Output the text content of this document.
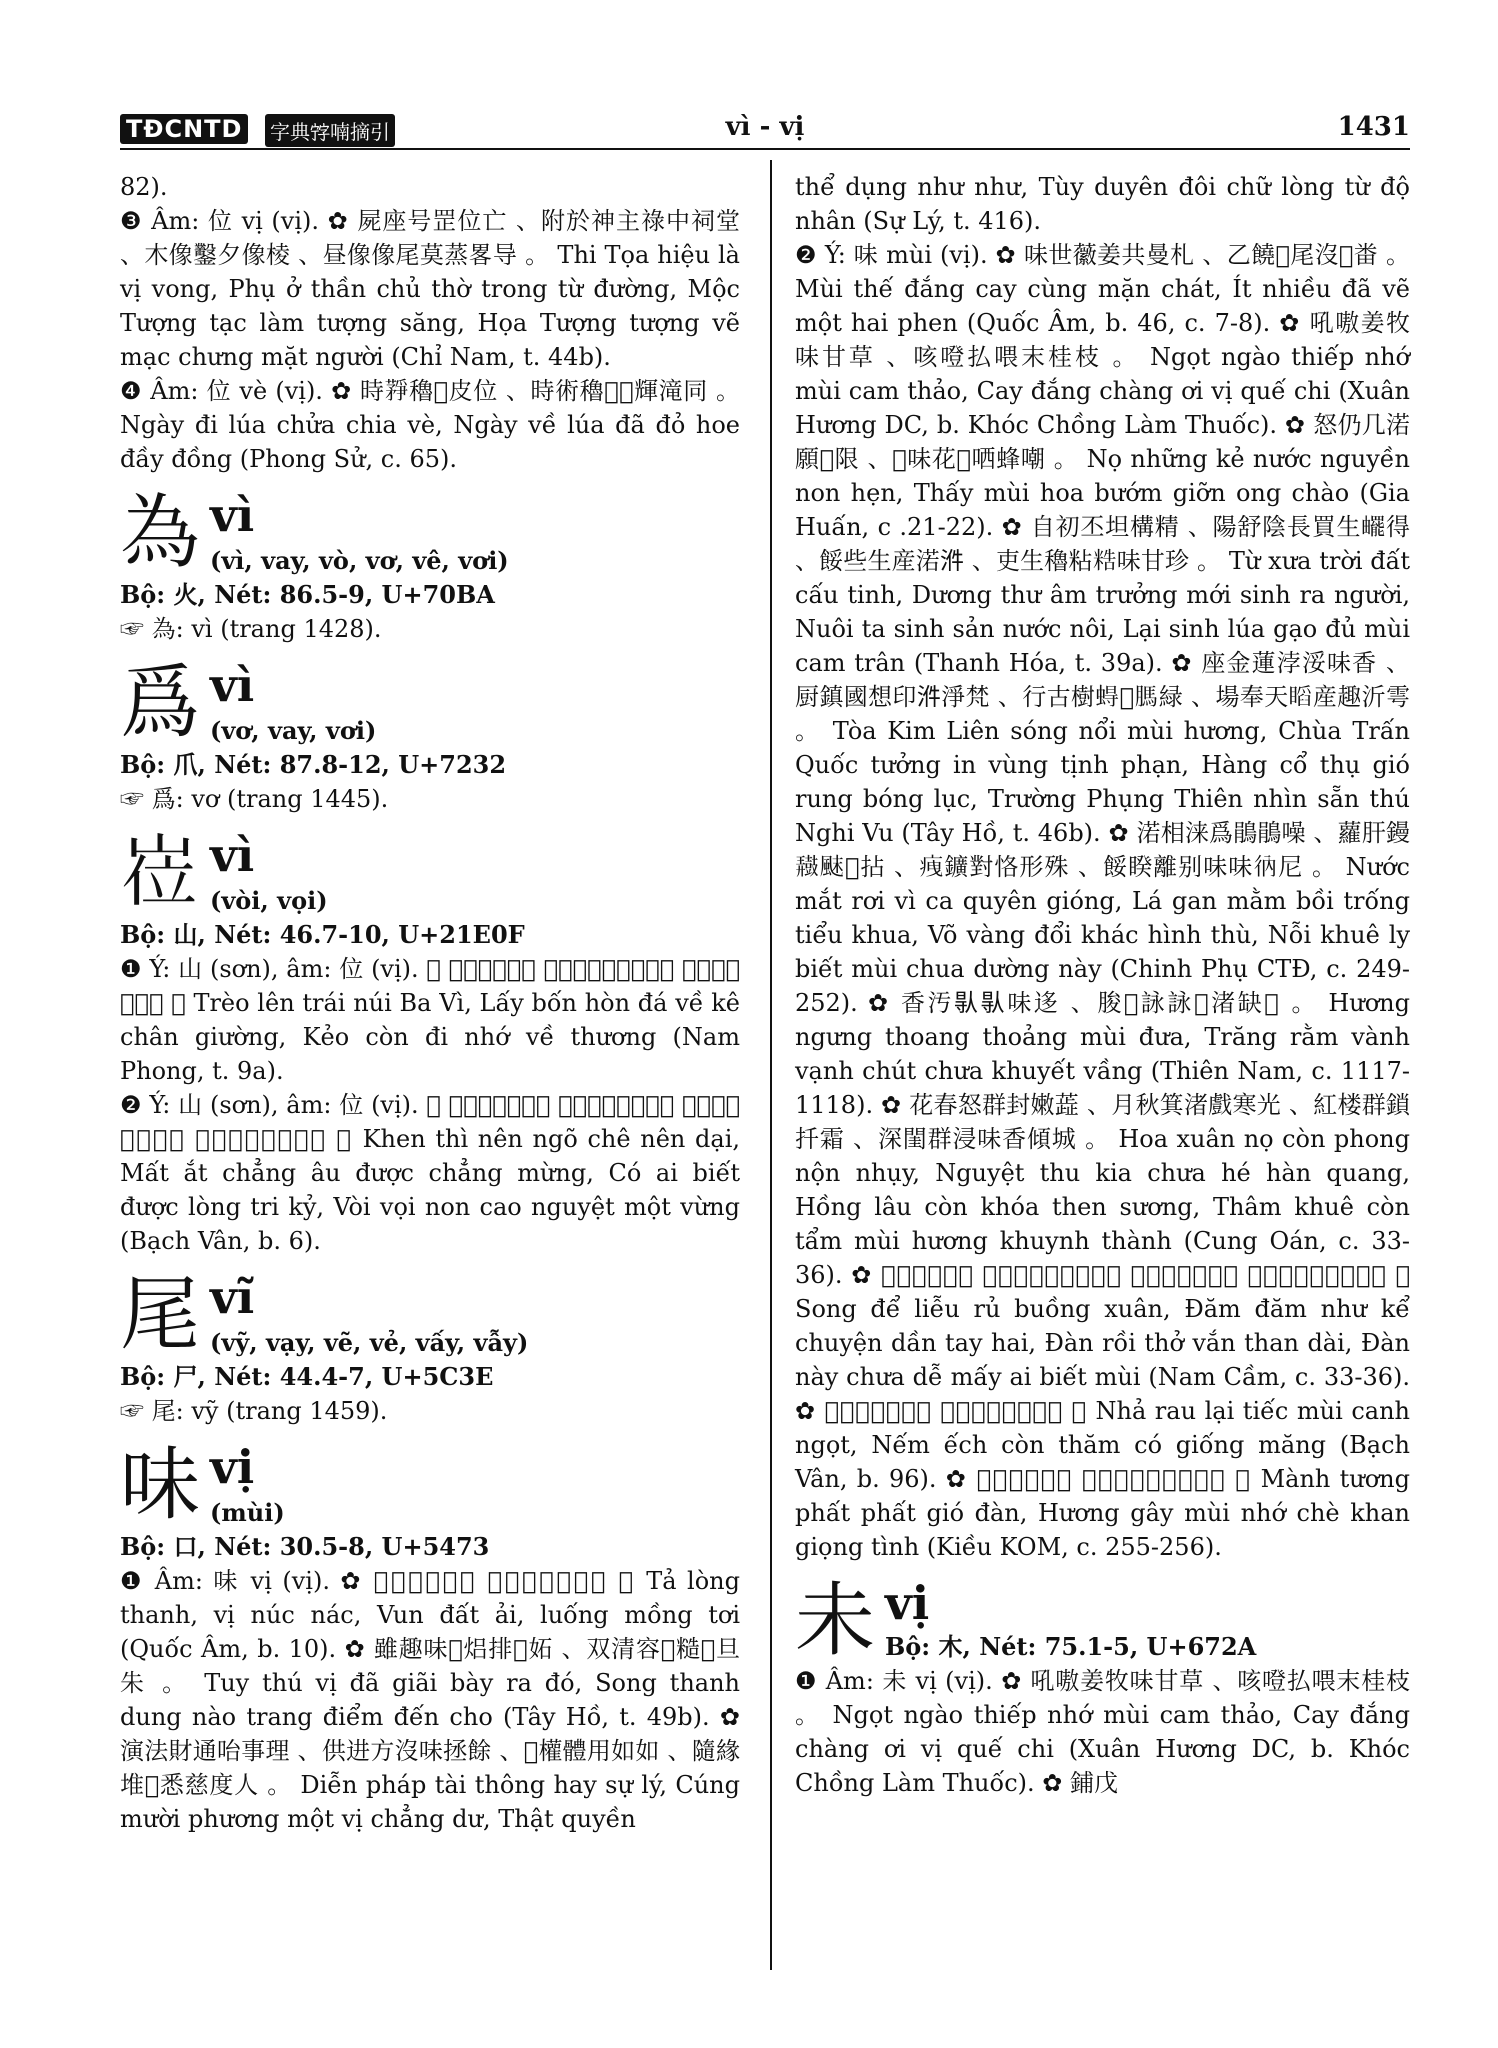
TĐCNTD	字典𡨸喃摘引	vì - vị	1431

82).

❸ Âm: 位 vị (vị). ✿ 屍座号罡位亡 、附於神主祿中祠堂 、木像鑿夕像棱 、昼像像尾莫蒸畧导 。 Thi Tọa hiệu là vị vong, Phụ ở thần chủ thờ trong từ đường, Mộc Tượng tạc làm tượng săng, Họa Tượng tượng vẽ mạc chưng mặt người (Chỉ Nam, t. 44b).

❹ Âm: 位 vè (vị). ✿ 時𦽰穭𥻸皮位 、時術穭𣎏𦎡輝滝同 。 Ngày đi lúa chửa chia vè, Ngày về lúa đã đỏ hoe đầy đồng (Phong Sử, c. 65).

為 vì
(vì, vay, vò, vơ, vê, vơi)

Bộ: 火, Nét: 86.5-9, U+70BA

☞ 為: vì (trang 1428).

爲 vì
(vơ, vay, vơi)

Bộ: 爪, Nét: 87.8-12, U+7232

☞ 爲: vơ (trang 1445).

𡸏 vì
(vòi, vọi)

Bộ: 山, Nét: 46.7-10, U+21E0F

❶ Ý: 山 (sơn), âm: 位 (vị). ✿ 𨇒𨖲磧岃𢀨𡸏 、𢬣𡵒𡕯𥗍術穭𨅸𣞪 、𠫾群𦝄汝術傷 。 Trèo lên trái núi Ba Vì, Lấy bốn hòn đá về kê chân giường, Kẻo còn đi nhớ về thương (Nam Phong, t. 9a).

❷ Ý: 山 (sơn), âm: 位 (vị). ✿ 𣅶時𣐊午吱𣐊曳 、𠅒𢷀庄歐特庄𢠩 、固埃别特悉知己 、𡸏𡸏𡸏高月𢥋𣷭 。 Khen thì nên ngõ chê nên dại, Mất ắt chẳng âu được chẳng mừng, Có ai biết được lòng tri kỷ, Vòi vọi non cao nguyệt một vừng (Bạch Vân, b. 6).

尾 vĩ
(vỹ, vạy, vẽ, vẻ, vấy, vẫy)

Bộ: 尸, Nét: 44.4-7, U+5C3E

☞ 尾: vỹ (trang 1459).

味 vị
(mùi)

Bộ: 口, Nét: 30.5-8, U+5473

❶ Âm: 味 vị (vị). ✿ 𤄯悉清味𦲸渃 、垺坦隘𡗶𦷫意 。 Tả lòng thanh, vị núc nác, Vun đất ải, luống mồng tơi (Quốc Âm, b. 10). ✿ 雖趣味𠲥焒排𤳸妬 、双清容𢢢糙𤈜旦朱 。 Tuy thú vị đã giãi bày ra đó, Song thanh dung nào trang điểm đến cho (Tây Hồ, t. 49b). ✿ 演法財通咍事理 、供进方沒味拯餘 、𡓡權體用如如 、隨緣堆𡗋悉慈度人 。 Diễn pháp tài thông hay sự lý, Cúng mười phương một vị chẳng dư, Thật quyền

thể dụng như như, Tùy duyên đôi chữ lòng từ độ nhân (Sự Lý, t. 416).

❷ Ý: 味 mùi (vị). ✿ 味世𧃸姜共曼札 、乙饒𡗉尾沒𠄩畨 。 Mùi thế đắng cay cùng mặn chát, Ít nhiều đã vẽ một hai phen (Quốc Âm, b. 46, c. 7-8). ✿ 吼嗷姜牧味甘草 、咳噔払喂末桂枝 。 Ngọt ngào thiếp nhớ mùi cam thảo, Cay đắng chàng ơi vị quế chi (Xuân Hương DC, b. Khóc Chồng Làm Thuốc). ✿ 怒仍几渃願𡀳限 、𧡊味花𧋆哂蜂嘲 。 Nọ những kẻ nước nguyền non hẹn, Thấy mùi hoa bướm giỡn ong chào (Gia Huấn, c .21-22). ✿ 自初丕坦構精 、陽舒陰長買生𤳸得 、餒些生産渃𣴓 、吏生穭粘𥺊味甘珍 。 Từ xưa trời đất cấu tinh, Dương thư âm trưởng mới sinh ra người, Nuôi ta sinh sản nước nôi, Lại sinh lúa gạo đủ mùi cam trân (Thanh Hóa, t. 39a). ✿ 座金蓮浡浽味香 、厨鎮國想印𣴓淨梵 、行古樹𧍋𢯏𦟐緑 、場奉天𥉰産趣沂雩 。 Tòa Kim Liên sóng nổi mùi hương, Chùa Trấn Quốc tưởng in vùng tịnh phạn, Hàng cổ thụ gió rung bóng lục, Trường Phụng Thiên nhìn sẵn thú Nghi Vu (Tây Hồ, t. 46b). ✿ 渃相涞爲鵑鵑噪 、蘿肝鏝𪔠𩗂𤏣拈 、𤵺鑛對恪形殊 、餒睽離别味味𢓇尼 。 Nước mắt rơi vì ca quyên gióng, Lá gan mằm bồi trống tiểu khua, Võ vàng đổi khác hình thù, Nỗi khuê ly biết mùi chua dường này (Chinh Phụ CTĐ, c. 249-252). ✿ 香汚𠊛𠊛味迻 、朘𣛨詠詠𥑩渚缺𨱽 。 Hương ngưng thoang thoảng mùi đưa, Trăng rằm vành vạnh chút chưa khuyết vầng (Thiên Nam, c. 1117-1118). ✿ 花春怒群封嫩蕋 、月秋箕渚戲寒光 、紅楼群鎖扦霜 、深閨群浸味香傾城 。 Hoa xuân nọ còn phong nộn nhụy, Nguyệt thu kia chưa hé hàn quang, Hồng lâu còn khóa then sương, Thâm khuê còn tẩm mùi hương khuynh thành (Cung Oán, c. 33-36). ✿ 𢷀𦀼柳𢭮房春 、吭吭如計傳寅𢮿𦝄 、彈耒咀𦀊嘆𠰉 、彈尼諸易𠅒埃别味 。 Song để liễu rủ buồng xuân, Đăm đăm như kể chuyện dần tay hai, Đàn rồi thở vắn than dài, Đàn này chưa dễ mấy ai biết mùi (Nam Cầm, c. 33-36). ✿ 𠰷𦼔吏惜味羮吼 、唸蝛𧋹𥊚固種𦬑 。 Nhả rau lại tiếc mùi canh ngọt, Nếm ếch còn thăm có giống măng (Bạch Vân, b. 96). ✿ 𢲣湘拂拂𧋆弹 、香𩑗味牧茶看𠿯情 。 Mành tương phất phất gió đàn, Hương gây mùi nhớ chè khan giọng tình (Kiều KOM, c. 255-256).

未 vị
Bộ: 木, Nét: 75.1-5, U+672A

❶ Âm: 未 vị (vị). ✿ 吼嗷姜牧味甘草 、咳噔払喂末桂枝 。 Ngọt ngào thiếp nhớ mùi cam thảo, Cay đắng chàng ơi vị quế chi (Xuân Hương DC, b. Khóc Chồng Làm Thuốc). ✿ 鋪戊
